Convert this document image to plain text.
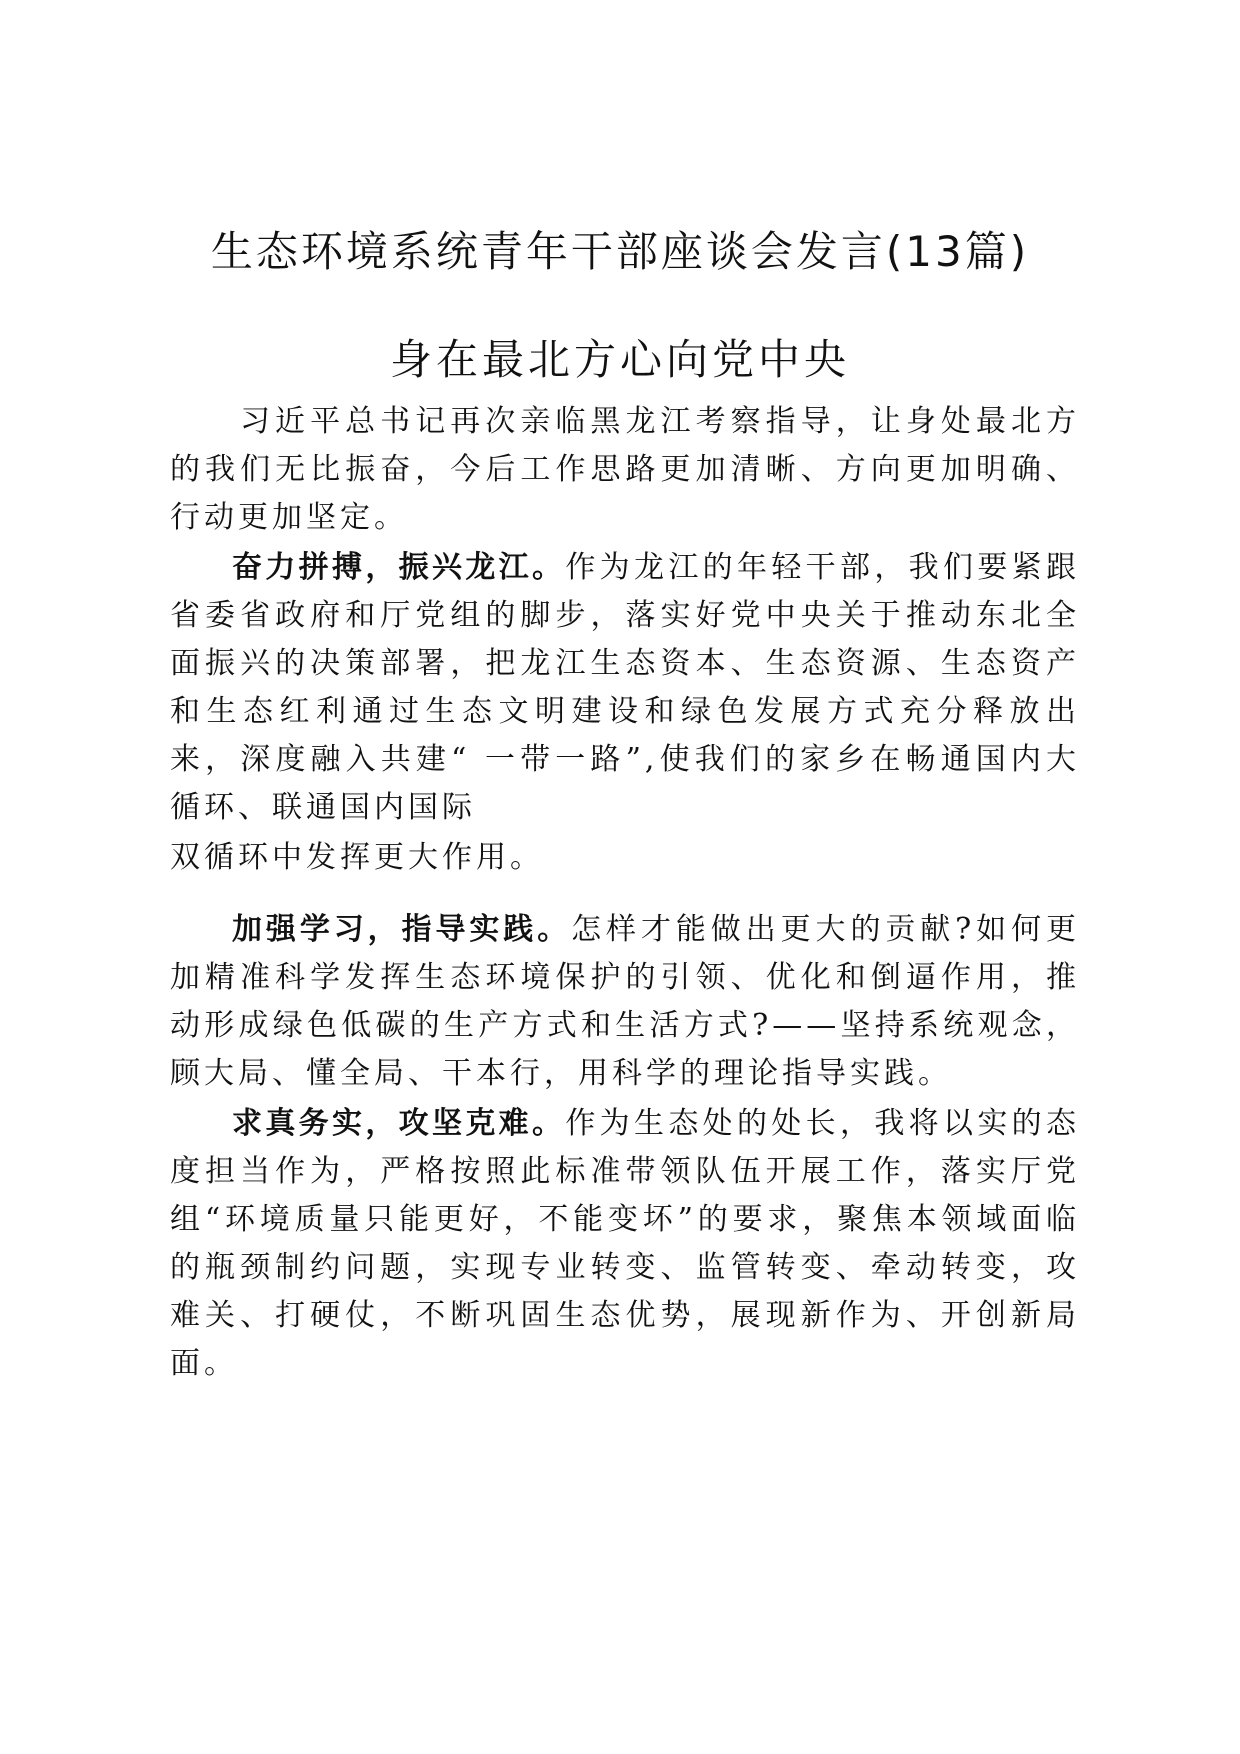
生态环境系统青年干部座谈会发言(13篇)
身在最北方心向党中央

习近平总书记再次亲临黑龙江考察指导，让身处最北方的我们无比振奋，今后工作思路更加清晰、方向更加明确、行动更加坚定。

奋力拼搏，振兴龙江。作为龙江的年轻干部，我们要紧跟省委省政府和厅党组的脚步，落实好党中央关于推动东北全面振兴的决策部署，把龙江生态资本、生态资源、生态资产和生态红利通过生态文明建设和绿色发展方式充分释放出来，深度融入共建“ 一带一路”,使我们的家乡在畅通国内大循环、联通国内国际

双循环中发挥更大作用。

加强学习，指导实践。怎样才能做出更大的贡献?如何更加精准科学发挥生态环境保护的引领、优化和倒逼作用，推动形成绿色低碳的生产方式和生活方式?——坚持系统观念，顾大局、懂全局、干本行，用科学的理论指导实践。

求真务实，攻坚克难。作为生态处的处长，我将以实的态度担当作为，严格按照此标准带领队伍开展工作，落实厅党组“环境质量只能更好，不能变坏”的要求，聚焦本领域面临的瓶颈制约问题，实现专业转变、监管转变、牵动转变，攻难关、打硬仗，不断巩固生态优势，展现新作为、开创新局面。
